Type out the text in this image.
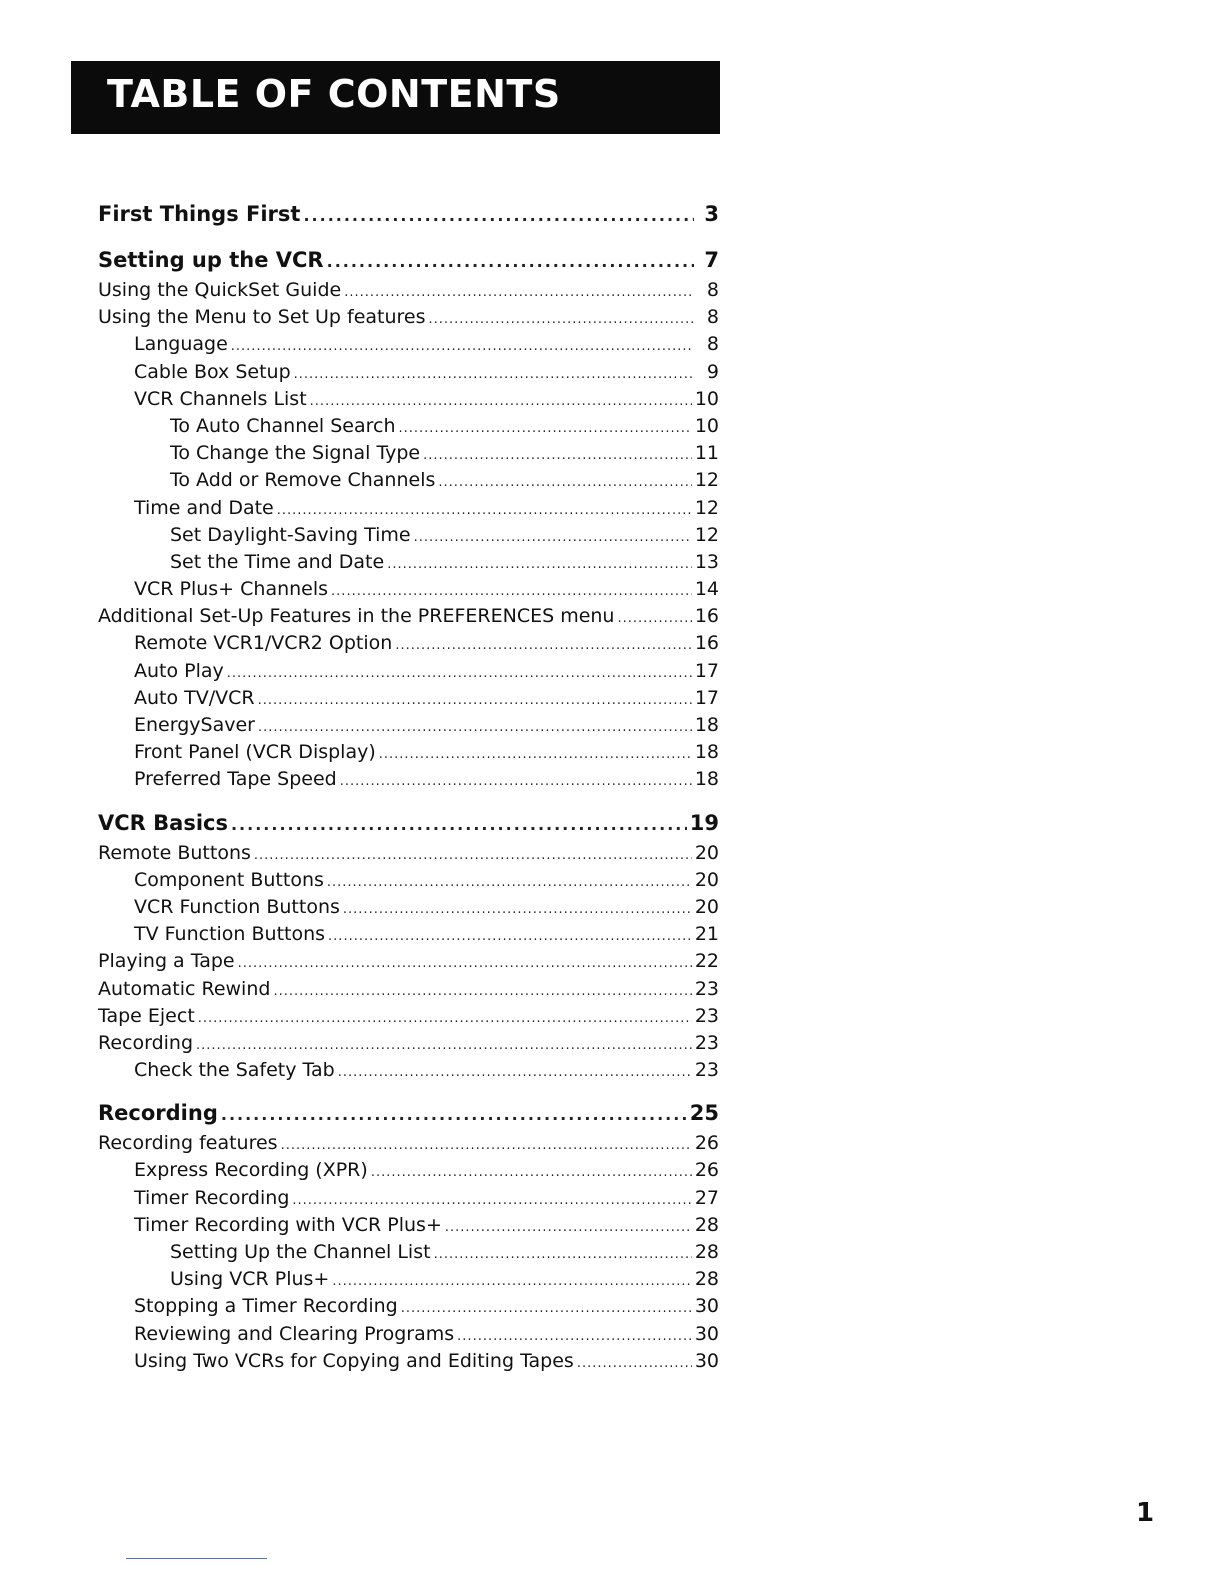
TABLE OF CONTENTS
First Things First .....	3
Setting up the VCR .....	7
Using the QuickSet Guide .....	8
Using the Menu to Set Up features .....	8
Language .....	8
Cable Box Setup .....	9
VCR Channels List .....	10
To Auto Channel Search .....	10
To Change the Signal Type .....	11
To Add or Remove Channels .....	12
Time and Date .....	12
Set Daylight-Saving Time .....	12
Set the Time and Date .....	13
VCR Plus+ Channels .....	14
Additional Set-Up Features in the PREFERENCES menu .....	16
Remote VCR1/VCR2 Option .....	16
Auto Play .....	17
Auto TV/VCR .....	17
EnergySaver .....	18
Front Panel (VCR Display) .....	18
Preferred Tape Speed .....	18
VCR Basics .....	19
Remote Buttons .....	20
Component Buttons .....	20
VCR Function Buttons .....	20
TV Function Buttons .....	21
Playing a Tape .....	22
Automatic Rewind .....	23
Tape Eject .....	23
Recording .....	23
Check the Safety Tab .....	23
Recording .....	25
Recording features .....	26
Express Recording (XPR) .....	26
Timer Recording .....	27
Timer Recording with VCR Plus+ .....	28
Setting Up the Channel List .....	28
Using VCR Plus+ .....	28
Stopping a Timer Recording .....	30
Reviewing and Clearing Programs .....	30
Using Two VCRs for Copying and Editing Tapes .....	30
1
